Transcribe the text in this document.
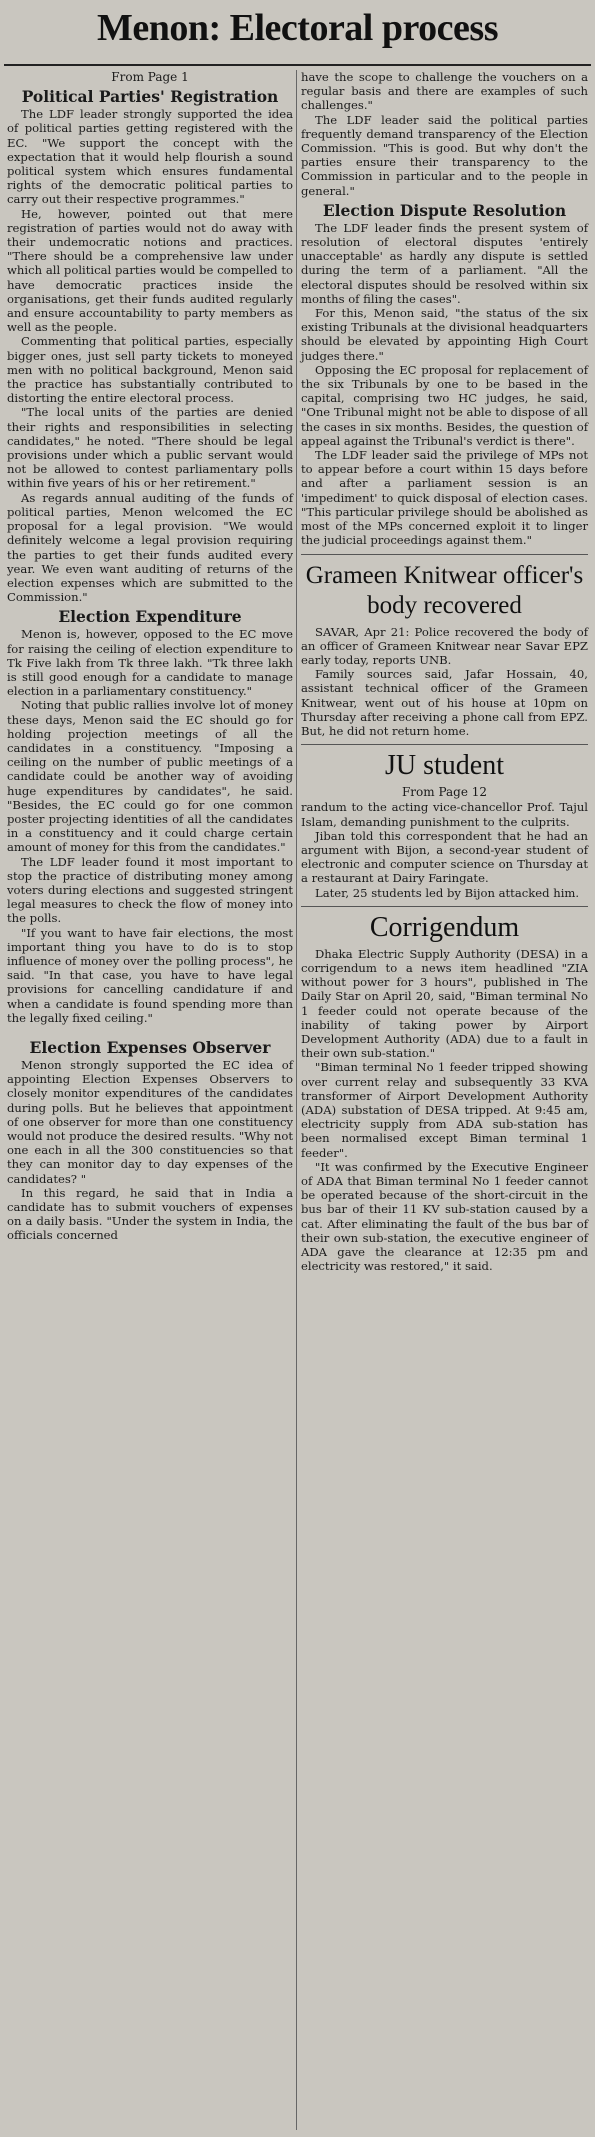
Menon: Electoral process
From Page 1
Political Parties' Registration

The LDF leader strongly supported the idea of political parties getting registered with the EC. "We support the concept with the expectation that it would help flourish a sound political system which ensures fundamental rights of the democratic political parties to carry out their respective programmes."

He, however, pointed out that mere registration of parties would not do away with their undemocratic notions and practices. "There should be a comprehensive law under which all political parties would be compelled to have democratic practices inside the organisations, get their funds audited regularly and ensure accountability to party members as well as the people.

Commenting that political parties, especially bigger ones, just sell party tickets to moneyed men with no political background, Menon said the practice has substantially contributed to distorting the entire electoral process.

"The local units of the parties are denied their rights and responsibilities in selecting candidates," he noted. "There should be legal provisions under which a public servant would not be allowed to contest parliamentary polls within five years of his or her retirement."

As regards annual auditing of the funds of political parties, Menon welcomed the EC proposal for a legal provision. "We would definitely welcome a legal provision requiring the parties to get their funds audited every year. We even want auditing of returns of the election expenses which are submitted to the Commission."

Election Expenditure

Menon is, however, opposed to the EC move for raising the ceiling of election expenditure to Tk Five lakh from Tk three lakh. "Tk three lakh is still good enough for a candidate to manage election in a parliamentary constituency."

Noting that public rallies involve lot of money these days, Menon said the EC should go for holding projection meetings of all the candidates in a constituency. "Imposing a ceiling on the number of public meetings of a candidate could be another way of avoiding huge expenditures by candidates", he said. "Besides, the EC could go for one common poster projecting identities of all the candidates in a constituency and it could charge certain amount of money for this from the candidates."

The LDF leader found it most important to stop the practice of distributing money among voters during elections and suggested stringent legal measures to check the flow of money into the polls.

"If you want to have fair elections, the most important thing you have to do is to stop influence of money over the polling process", he said. "In that case, you have to have legal provisions for cancelling candidature if and when a candidate is found spending more than the legally fixed ceiling."

Election Expenses Observer

Menon strongly supported the EC idea of appointing Election Expenses Observers to closely monitor expenditures of the candidates during polls. But he believes that appointment of one observer for more than one constituency would not produce the desired results. "Why not one each in all the 300 constituencies so that they can monitor day to day expenses of the candidates? "

In this regard, he said that in India a candidate has to submit vouchers of expenses on a daily basis. "Under the system in India, the officials concerned

have the scope to challenge the vouchers on a regular basis and there are examples of such challenges."

The LDF leader said the political parties frequently demand transparency of the Election Commission. "This is good. But why don't the parties ensure their transparency to the Commission in particular and to the people in general."

Election Dispute Resolution

The LDF leader finds the present system of resolution of electoral disputes 'entirely unacceptable' as hardly any dispute is settled during the term of a parliament. "All the electoral disputes should be resolved within six months of filing the cases".

For this, Menon said, "the status of the six existing Tribunals at the divisional headquarters should be elevated by appointing High Court judges there."

Opposing the EC proposal for replacement of the six Tribunals by one to be based in the capital, comprising two HC judges, he said, "One Tribunal might not be able to dispose of all the cases in six months. Besides, the question of appeal against the Tribunal's verdict is there".

The LDF leader said the privilege of MPs not to appear before a court within 15 days before and after a parliament session is an 'impediment' to quick disposal of election cases. "This particular privilege should be abolished as most of the MPs concerned exploit it to linger the judicial proceedings against them."

Grameen Knitwear officer's body recovered

SAVAR, Apr 21: Police recovered the body of an officer of Grameen Knitwear near Savar EPZ early today, reports UNB.

Family sources said, Jafar Hossain, 40, assistant technical officer of the Grameen Knitwear, went out of his house at 10pm on Thursday after receiving a phone call from EPZ. But, he did not return home.

JU student
From Page 12

randum to the acting vice-chancellor Prof. Tajul Islam, demanding punishment to the culprits.

Jiban told this correspondent that he had an argument with Bijon, a second-year student of electronic and computer science on Thursday at a restaurant at Dairy Faringate.

Later, 25 students led by Bijon attacked him.

Corrigendum

Dhaka Electric Supply Authority (DESA) in a corrigendum to a news item headlined "ZIA without power for 3 hours", published in The Daily Star on April 20, said, "Biman terminal No 1 feeder could not operate because of the inability of taking power by Airport Development Authority (ADA) due to a fault in their own sub-station."

"Biman terminal No 1 feeder tripped showing over current relay and subsequently 33 KVA transformer of Airport Development Authority (ADA) substation of DESA tripped. At 9:45 am, electricity supply from ADA sub-station has been normalised except Biman terminal 1 feeder".

"It was confirmed by the Executive Engineer of ADA that Biman terminal No 1 feeder cannot be operated because of the short-circuit in the bus bar of their 11 KV sub-station caused by a cat. After eliminating the fault of the bus bar of their own sub-station, the executive engineer of ADA gave the clearance at 12:35 pm and electricity was restored," it said.
